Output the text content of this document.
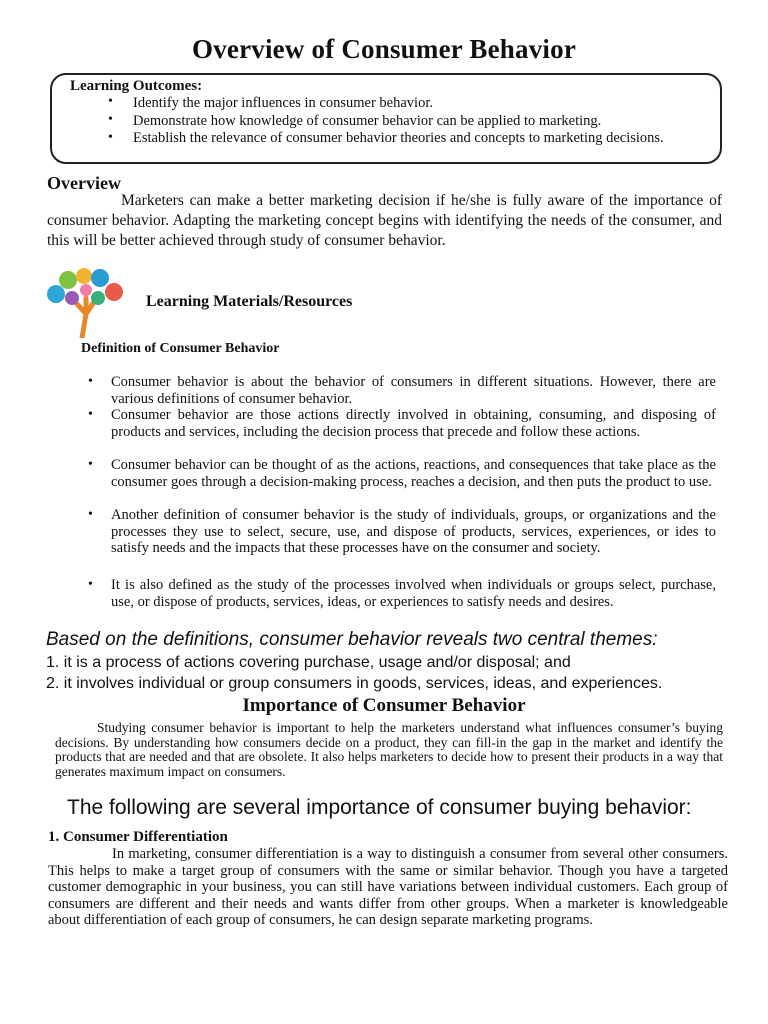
Overview of Consumer Behavior
Learning Outcomes:
• Identify the major influences in consumer behavior.
• Demonstrate how knowledge of consumer behavior can be applied to marketing.
• Establish the relevance of consumer behavior theories and concepts to marketing decisions.
Overview
Marketers can make a better marketing decision if he/she is fully aware of the importance of consumer behavior. Adapting the marketing concept begins with identifying the needs of the consumer, and this will be better achieved through study of consumer behavior.
Learning Materials/Resources
Definition of Consumer Behavior
• Consumer behavior is about the behavior of consumers in different situations. However, there are various definitions of consumer behavior.
• Consumer behavior are those actions directly involved in obtaining, consuming, and disposing of products and services, including the decision process that precede and follow these actions.
• Consumer behavior can be thought of as the actions, reactions, and consequences that take place as the consumer goes through a decision-making process, reaches a decision, and then puts the product to use.
• Another definition of consumer behavior is the study of individuals, groups, or organizations and the processes they use to select, secure, use, and dispose of products, services, experiences, or ides to satisfy needs and the impacts that these processes have on the consumer and society.
• It is also defined as the study of the processes involved when individuals or groups select, purchase, use, or dispose of products, services, ideas, or experiences to satisfy needs and desires.
Based on the definitions, consumer behavior reveals two central themes:
1. it is a process of actions covering purchase, usage and/or disposal; and
2. it involves individual or group consumers in goods, services, ideas, and experiences.
Importance of Consumer Behavior
Studying consumer behavior is important to help the marketers understand what influences consumer’s buying decisions. By understanding how consumers decide on a product, they can fill-in the gap in the market and identify the products that are needed and that are obsolete. It also helps marketers to decide how to present their products in a way that generates maximum impact on consumers.
The following are several importance of consumer buying behavior:
1. Consumer Differentiation
In marketing, consumer differentiation is a way to distinguish a consumer from several other consumers. This helps to make a target group of consumers with the same or similar behavior. Though you have a targeted customer demographic in your business, you can still have variations between individual customers. Each group of consumers are different and their needs and wants differ from other groups. When a marketer is knowledgeable about differentiation of each group of consumers, he can design separate marketing programs.
